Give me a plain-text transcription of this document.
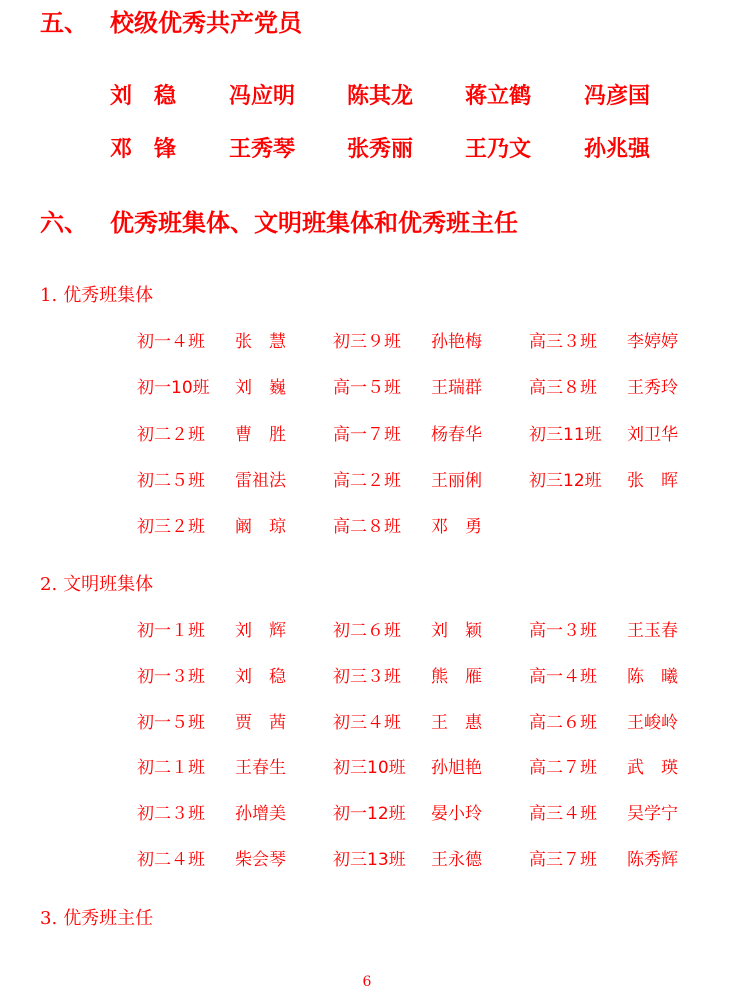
五、 校级优秀共产党员
刘　稳	冯应明	陈其龙	蒋立鹤	冯彦国
邓　锋	王秀琴	张秀丽	王乃文	孙兆强
六、 优秀班集体、文明班集体和优秀班主任
1. 优秀班集体
初一４班 张　慧	初三９班 孙艳梅	高三３班 李婷婷
初一10班 刘　巍	高一５班 王瑞群	高三８班 王秀玲
初二２班 曹　胜	高一７班 杨春华	初三11班 刘卫华
初二５班 雷祖法	高二２班 王丽俐	初三12班 张　晖
初三２班 阚　琼	高二８班 邓　勇
2. 文明班集体
初一１班 刘　辉	初二６班 刘　颖	高一３班 王玉春
初一３班 刘　稳	初三３班 熊　雁	高一４班 陈　曦
初一５班 贾　茜	初三４班 王　惠	高二６班 王峻岭
初二１班 王春生	初三10班 孙旭艳	高二７班 武　瑛
初二３班 孙增美	初一12班 晏小玲	高三４班 吴学宁
初二４班 柴会琴	初三13班 王永德	高三７班 陈秀辉
3. 优秀班主任
6
